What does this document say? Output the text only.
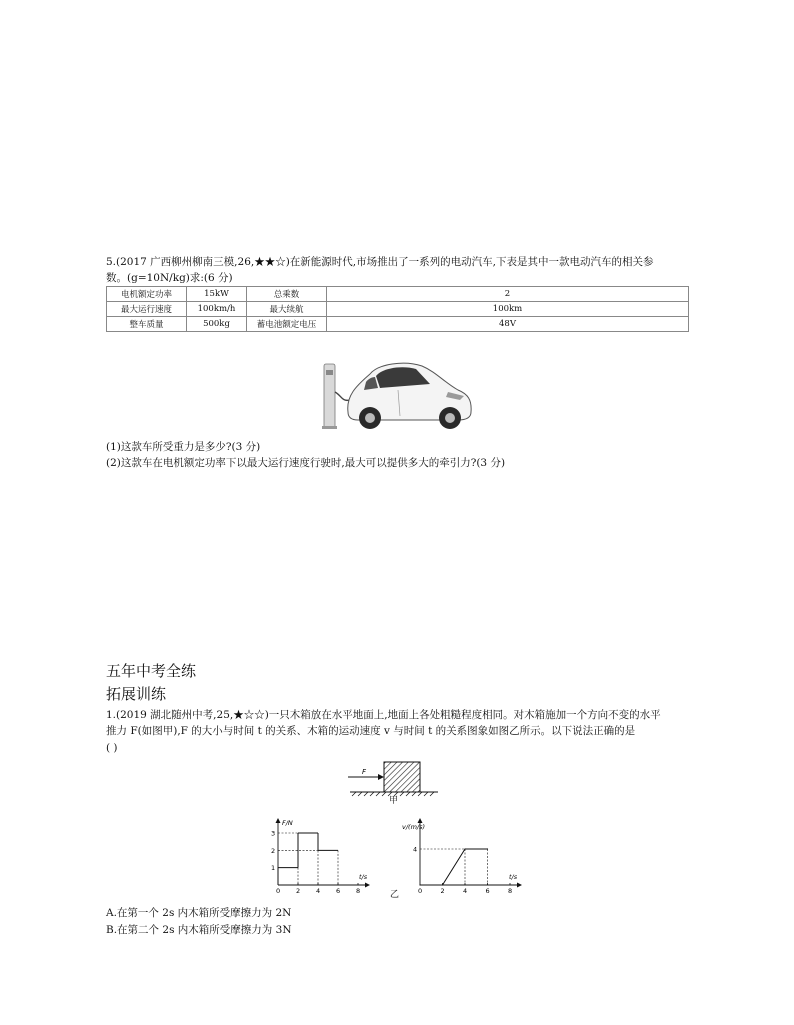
5.(2017 广西柳州柳南三模,26,★★☆)在新能源时代,市场推出了一系列的电动汽车,下表是其中一款电动汽车的相关参
数。(g=10N/kg)求:(6 分)
电机额定功率	15kW	总乘数	2
最大运行速度	100km/h	最大续航	100km
整车质量	500kg	蓄电池额定电压	48V
(1)这款车所受重力是多少?(3 分)
(2)这款车在电机额定功率下以最大运行速度行驶时,最大可以提供多大的牵引力?(3 分)
五年中考全练
拓展训练
1.(2019 湖北随州中考,25,★☆☆)一只木箱放在水平地面上,地面上各处粗糙程度相同。对木箱施加一个方向不变的水平
推力 F(如图甲),F 的大小与时间 t 的关系、木箱的运动速度 v 与时间 t 的关系图象如图乙所示。以下说法正确的是
( )
F
甲
F/N
t/s
0 2 4 6 8
1
2
3
v/(m/s)
t/s
0	2	4	6	8
4
乙
A.在第一个 2s 内木箱所受摩擦力为 2N
B.在第二个 2s 内木箱所受摩擦力为 3N
